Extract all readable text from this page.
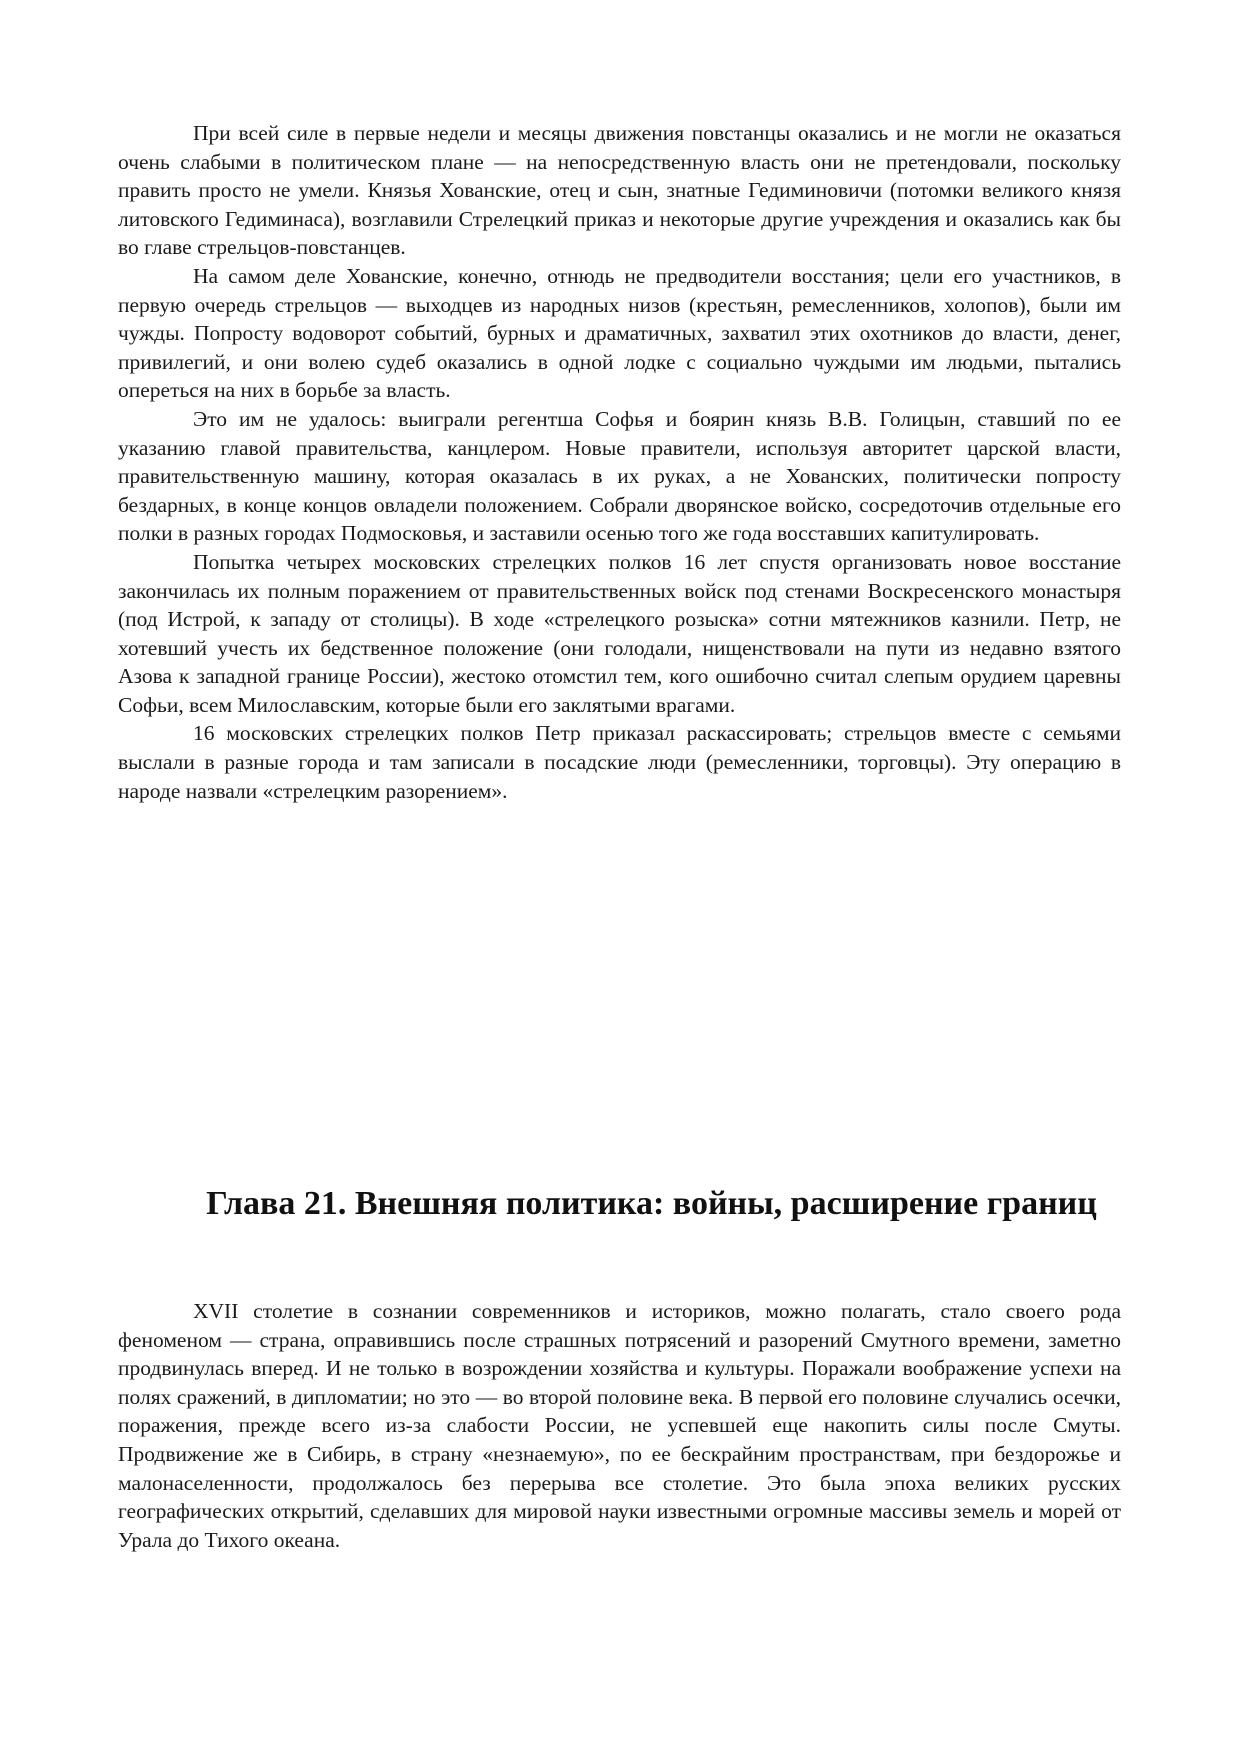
При всей силе в первые недели и месяцы движения повстанцы оказались и не могли не оказаться очень слабыми в политическом плане — на непосредственную власть они не претендовали, поскольку править просто не умели. Князья Хованские, отец и сын, знатные Гедиминовичи (потомки великого князя литовского Гедиминаса), возглавили Стрелецкий приказ и некоторые другие учреждения и оказались как бы во главе стрельцов-повстанцев.

На самом деле Хованские, конечно, отнюдь не предводители восстания; цели его участников, в первую очередь стрельцов — выходцев из народных низов (крестьян, ремесленников, холопов), были им чужды. Попросту водоворот событий, бурных и драматичных, захватил этих охотников до власти, денег, привилегий, и они волею судеб оказались в одной лодке с социально чуждыми им людьми, пытались опереться на них в борьбе за власть.

Это им не удалось: выиграли регентша Софья и боярин князь В.В. Голицын, ставший по ее указанию главой правительства, канцлером. Новые правители, используя авторитет царской власти, правительственную машину, которая оказалась в их руках, а не Хованских, политически попросту бездарных, в конце концов овладели положением. Собрали дворянское войско, сосредоточив отдельные его полки в разных городах Подмосковья, и заставили осенью того же года восставших капитулировать.

Попытка четырех московских стрелецких полков 16 лет спустя организовать новое восстание закончилась их полным поражением от правительственных войск под стенами Воскресенского монастыря (под Истрой, к западу от столицы). В ходе «стрелецкого розыска» сотни мятежников казнили. Петр, не хотевший учесть их бедственное положение (они голодали, нищенствовали на пути из недавно взятого Азова к западной границе России), жестоко отомстил тем, кого ошибочно считал слепым орудием царевны Софьи, всем Милославским, которые были его заклятыми врагами.

16 московских стрелецких полков Петр приказал раскассировать; стрельцов вместе с семьями выслали в разные города и там записали в посадские люди (ремесленники, торговцы). Эту операцию в народе назвали «стрелецким разорением».

Глава 21. Внешняя политика: войны, расширение границ

XVII столетие в сознании современников и историков, можно полагать, стало своего рода феноменом — страна, оправившись после страшных потрясений и разорений Смутного времени, заметно продвинулась вперед. И не только в возрождении хозяйства и культуры. Поражали воображение успехи на полях сражений, в дипломатии; но это — во второй половине века. В первой его половине случались осечки, поражения, прежде всего из-за слабости России, не успевшей еще накопить силы после Смуты. Продвижение же в Сибирь, в страну «незнаемую», по ее бескрайним пространствам, при бездорожье и малонаселенности, продолжалось без перерыва все столетие. Это была эпоха великих русских географических открытий, сделавших для мировой науки известными огромные массивы земель и морей от Урала до Тихого океана.
